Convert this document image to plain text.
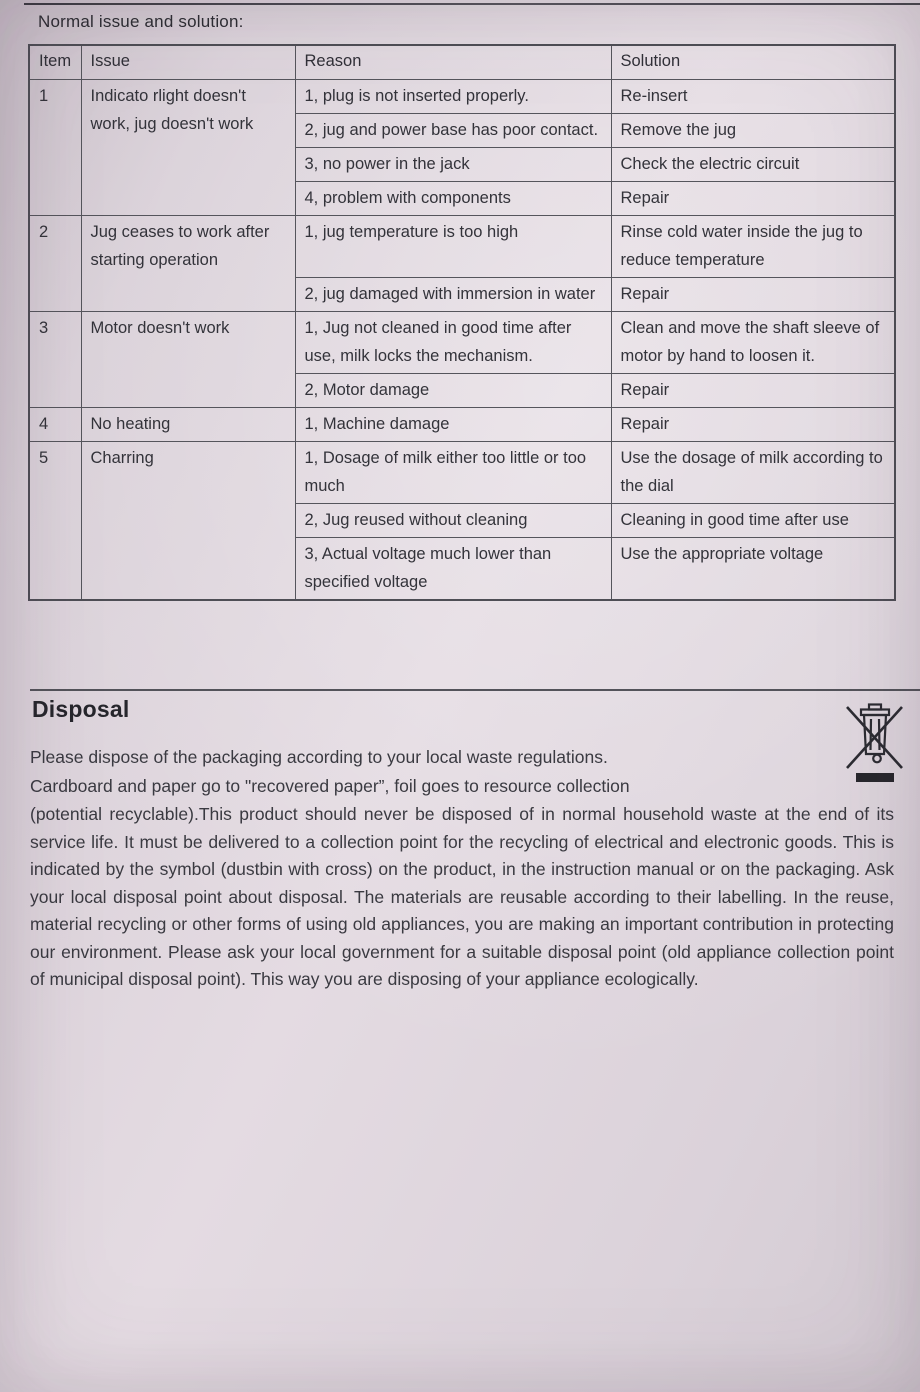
Normal issue and solution:
Item	Issue	Reason	Solution
1	Indicato rlight doesn't work, jug doesn't work	1, plug is not inserted properly.	Re-insert
		2, jug and power base has poor contact.	Remove the jug
		3, no power in the jack	Check the electric circuit
		4, problem with components	Repair
2	Jug ceases to work after starting operation	1, jug temperature is too high	Rinse cold water inside the jug to reduce temperature
		2, jug damaged with immersion in water	Repair
3	Motor doesn't work	1, Jug not cleaned in good time after use, milk locks the mechanism.	Clean and move the shaft sleeve of motor by hand to loosen it.
		2, Motor damage	Repair
4	No heating	1, Machine damage	Repair
5	Charring	1, Dosage of milk either too little or too much	Use the dosage of milk according to the dial
		2, Jug reused without cleaning	Cleaning in good time after use
		3, Actual voltage much lower than specified voltage	Use the appropriate voltage
Disposal

Please dispose of the packaging according to your local waste regulations.

Cardboard and paper go to "recovered paper”, foil goes to resource collection

(potential recyclable).This product should never be disposed of in normal household waste at the end of its service life. It must be delivered to a collection point for the recycling of electrical and electronic goods. This is indicated by the symbol (dustbin with cross) on the product, in the instruction manual or on the packaging. Ask your local disposal point about disposal. The materials are reusable according to their labelling. In the reuse, material recycling or other forms of using old appliances, you are making an important contribution in protecting our environment. Please ask your local government for a suitable disposal point (old appliance collection point of municipal disposal point). This way you are disposing of your appliance ecologically.
